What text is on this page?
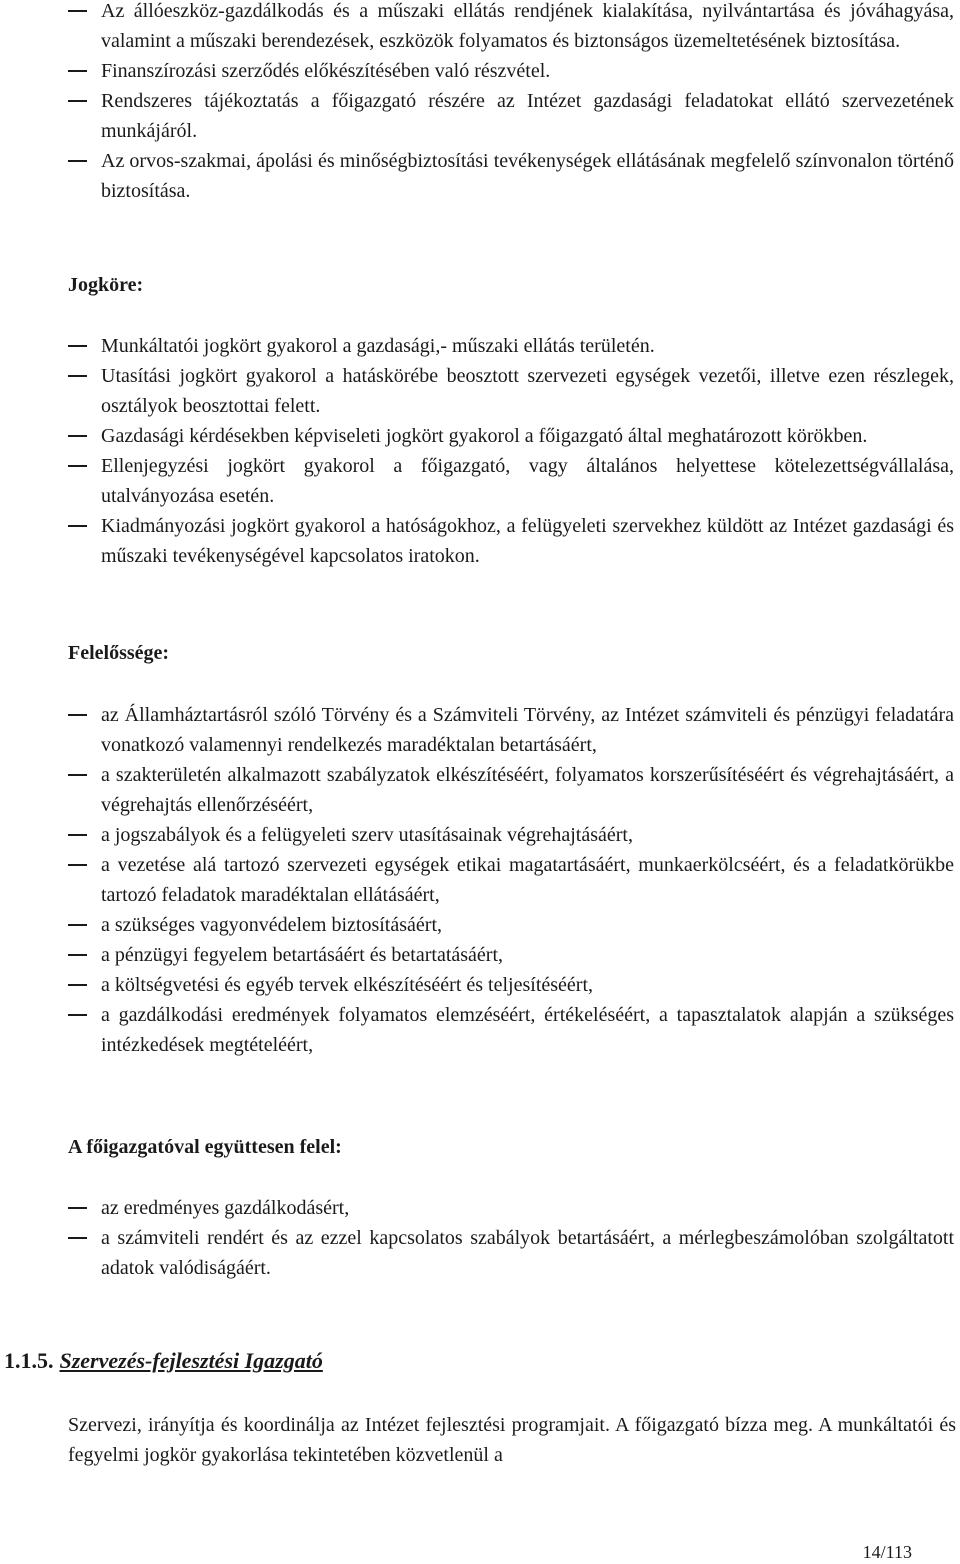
Az állóeszköz-gazdálkodás és a műszaki ellátás rendjének kialakítása, nyilvántartása és jóváhagyása, valamint a műszaki berendezések, eszközök folyamatos és biztonságos üzemeltetésének biztosítása.
Finanszírozási szerződés előkészítésében való részvétel.
Rendszeres tájékoztatás a főigazgató részére az Intézet gazdasági feladatokat ellátó szervezetének munkájáról.
Az orvos-szakmai, ápolási és minőségbiztosítási tevékenységek ellátásának megfelelő színvonalon történő biztosítása.
Jogköre:
Munkáltatói jogkört gyakorol a gazdasági,- műszaki ellátás területén.
Utasítási jogkört gyakorol a hatáskörébe beosztott szervezeti egységek vezetői, illetve ezen részlegek, osztályok beosztottai felett.
Gazdasági kérdésekben képviseleti jogkört gyakorol a főigazgató által meghatározott körökben.
Ellenjegyzési jogkört gyakorol a főigazgató, vagy általános helyettese kötelezettségvállalása, utalványozása esetén.
Kiadmányozási jogkört gyakorol a hatóságokhoz, a felügyeleti szervekhez küldött az Intézet gazdasági és műszaki tevékenységével kapcsolatos iratokon.
Felelőssége:
az Államháztartásról szóló Törvény és a Számviteli Törvény, az Intézet számviteli és pénzügyi feladatára vonatkozó valamennyi rendelkezés maradéktalan betartásáért,
a szakterületén alkalmazott szabályzatok elkészítéséért, folyamatos korszerűsítéséért és végrehajtásáért, a végrehajtás ellenőrzéséért,
a jogszabályok és a felügyeleti szerv utasításainak végrehajtásáért,
a vezetése alá tartozó szervezeti egységek etikai magatartásáért, munkaerkölcséért, és a feladatkörükbe tartozó feladatok maradéktalan ellátásáért,
a szükséges vagyonvédelem biztosításáért,
a pénzügyi fegyelem betartásáért és betartatásáért,
a költségvetési és egyéb tervek elkészítéséért és teljesítéséért,
a gazdálkodási eredmények folyamatos elemzéséért, értékeléséért, a tapasztalatok alapján a szükséges intézkedések megtételéért,
A főigazgatóval együttesen felel:
az eredményes gazdálkodásért,
a számviteli rendért és az ezzel kapcsolatos szabályok betartásáért, a mérlegbeszámolóban szolgáltatott adatok valódiságáért.
1.1.5. Szervezés-fejlesztési Igazgató
Szervezi, irányítja és koordinálja az Intézet fejlesztési programjait. A főigazgató bízza meg. A munkáltatói és fegyelmi jogkör gyakorlása tekintetében közvetlenül a
14/113
